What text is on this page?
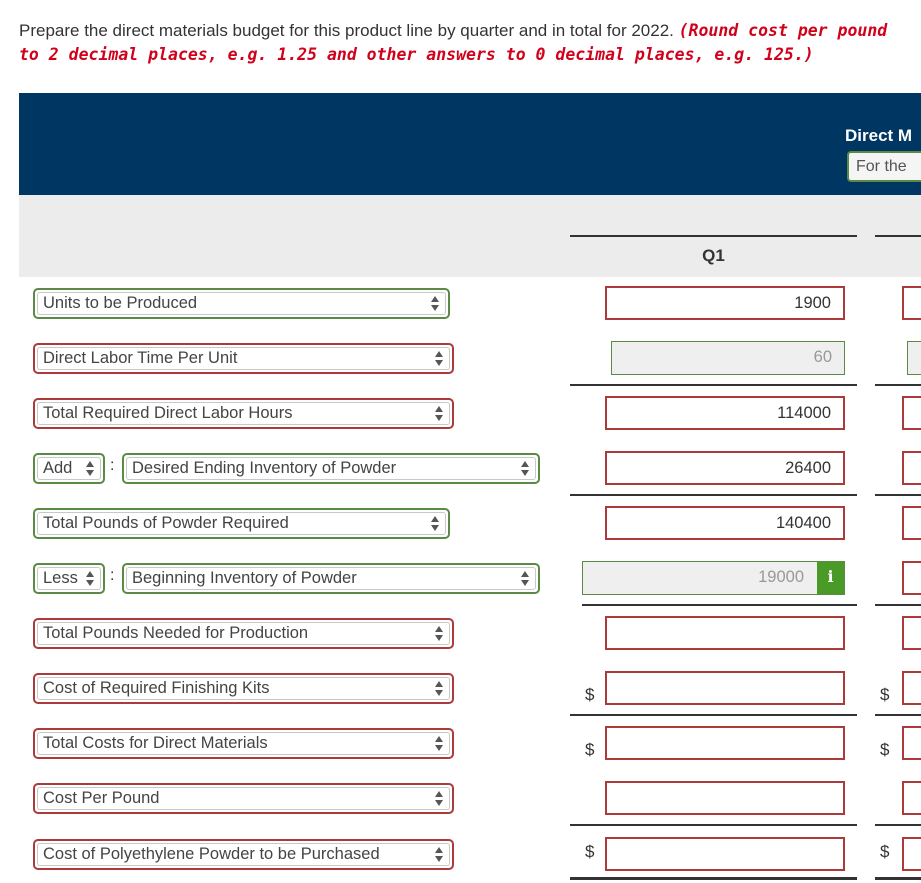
Prepare the direct materials budget for this product line by quarter and in total for 2022. (Round cost per pound to 2 decimal places, e.g. 1.25 and other answers to 0 decimal places, e.g. 125.)
Direct M
For the
Q1
Units to be Produced	1900
Direct Labor Time Per Unit	60
Total Required Direct Labor Hours	114000
Add	:	Desired Ending Inventory of Powder	26400
Total Pounds of Powder Required	140400
Less	:	Beginning Inventory of Powder	19000	i
Total Pounds Needed for Production
Cost of Required Finishing Kits	$	$
Total Costs for Direct Materials	$	$
Cost Per Pound
Cost of Polyethylene Powder to be Purchased	$	$
